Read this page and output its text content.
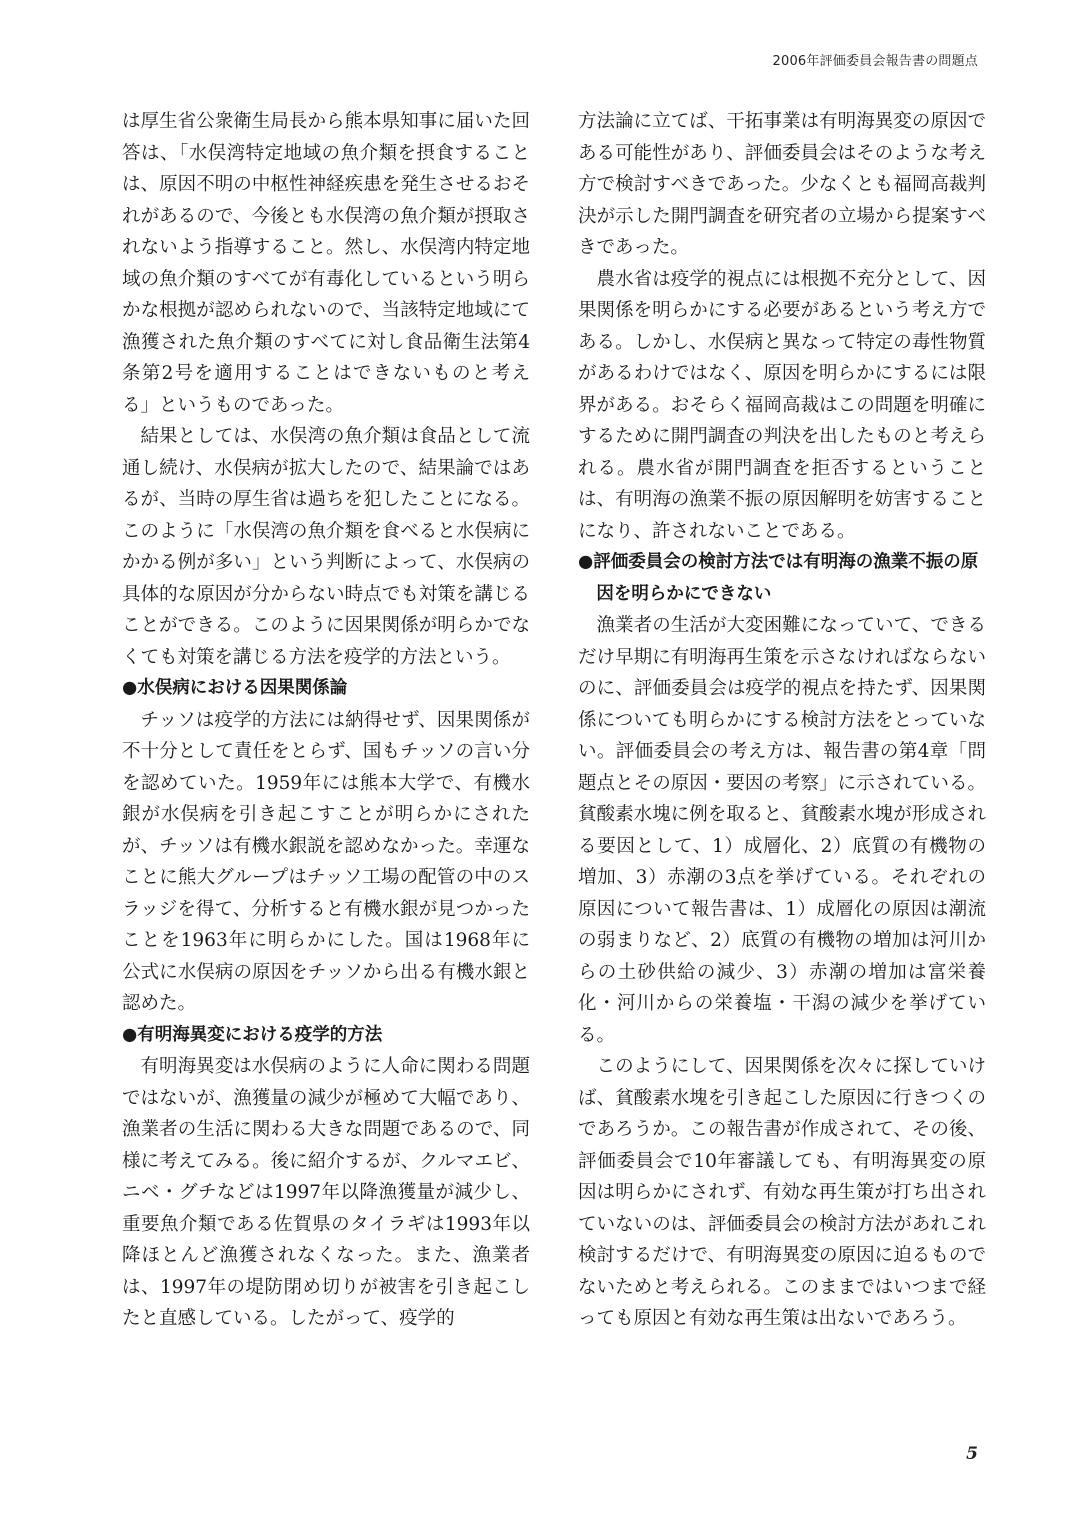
2006年評価委員会報告書の問題点

は厚生省公衆衛生局長から熊本県知事に届いた回答は、「水俣湾特定地域の魚介類を摂食することは、原因不明の中枢性神経疾患を発生させるおそれがあるので、今後とも水俣湾の魚介類が摂取されないよう指導すること。然し、水俣湾内特定地域の魚介類のすべてが有毒化しているという明らかな根拠が認められないので、当該特定地域にて漁獲された魚介類のすべてに対し食品衛生法第4条第2号を適用することはできないものと考える」というものであった。

結果としては、水俣湾の魚介類は食品として流通し続け、水俣病が拡大したので、結果論ではあるが、当時の厚生省は過ちを犯したことになる。このように「水俣湾の魚介類を食べると水俣病にかかる例が多い」という判断によって、水俣病の具体的な原因が分からない時点でも対策を講じることができる。このように因果関係が明らかでなくても対策を講じる方法を疫学的方法という。

●水俣病における因果関係論

チッソは疫学的方法には納得せず、因果関係が不十分として責任をとらず、国もチッソの言い分を認めていた。1959年には熊本大学で、有機水銀が水俣病を引き起こすことが明らかにされたが、チッソは有機水銀説を認めなかった。幸運なことに熊大グループはチッソ工場の配管の中のスラッジを得て、分析すると有機水銀が見つかったことを1963年に明らかにした。国は1968年に公式に水俣病の原因をチッソから出る有機水銀と認めた。

●有明海異変における疫学的方法

有明海異変は水俣病のように人命に関わる問題ではないが、漁獲量の減少が極めて大幅であり、漁業者の生活に関わる大きな問題であるので、同様に考えてみる。後に紹介するが、クルマエビ、ニベ・グチなどは1997年以降漁獲量が減少し、重要魚介類である佐賀県のタイラギは1993年以降ほとんど漁獲されなくなった。また、漁業者は、1997年の堤防閉め切りが被害を引き起こしたと直感している。したがって、疫学的

方法論に立てば、干拓事業は有明海異変の原因である可能性があり、評価委員会はそのような考え方で検討すべきであった。少なくとも福岡高裁判決が示した開門調査を研究者の立場から提案すべきであった。

農水省は疫学的視点には根拠不充分として、因果関係を明らかにする必要があるという考え方である。しかし、水俣病と異なって特定の毒性物質があるわけではなく、原因を明らかにするには限界がある。おそらく福岡高裁はこの問題を明確にするために開門調査の判決を出したものと考えられる。農水省が開門調査を拒否するということは、有明海の漁業不振の原因解明を妨害することになり、許されないことである。

●評価委員会の検討方法では有明海の漁業不振の原因を明らかにできない

漁業者の生活が大変困難になっていて、できるだけ早期に有明海再生策を示さなければならないのに、評価委員会は疫学的視点を持たず、因果関係についても明らかにする検討方法をとっていない。評価委員会の考え方は、報告書の第4章「問題点とその原因・要因の考察」に示されている。貧酸素水塊に例を取ると、貧酸素水塊が形成される要因として、1）成層化、2）底質の有機物の増加、3）赤潮の3点を挙げている。それぞれの原因について報告書は、1）成層化の原因は潮流の弱まりなど、2）底質の有機物の増加は河川からの土砂供給の減少、3）赤潮の増加は富栄養化・河川からの栄養塩・干潟の減少を挙げている。

このようにして、因果関係を次々に探していけば、貧酸素水塊を引き起こした原因に行きつくのであろうか。この報告書が作成されて、その後、評価委員会で10年審議しても、有明海異変の原因は明らかにされず、有効な再生策が打ち出されていないのは、評価委員会の検討方法があれこれ検討するだけで、有明海異変の原因に迫るものでないためと考えられる。このままではいつまで経っても原因と有効な再生策は出ないであろう。

5
